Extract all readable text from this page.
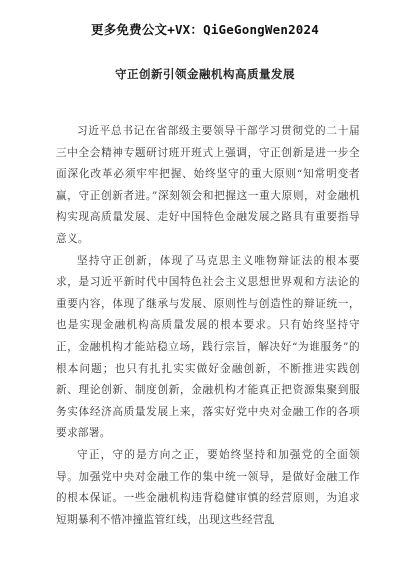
更多免费公文+VX：QiGeGongWen2024
守正创新引领金融机构高质量发展

习近平总书记在省部级主要领导干部学习贯彻党的二十届三中全会精神专题研讨班开班式上强调，守正创新是进一步全面深化改革必须牢牢把握、始终坚守的重大原则“知常明变者赢，守正创新者进。”深刻领会和把握这一重大原则，对金融机构实现高质量发展、走好中国特色金融发展之路具有重要指导意义。

坚持守正创新，体现了马克思主义唯物辩证法的根本要求，是习近平新时代中国特色社会主义思想世界观和方法论的重要内容，体现了继承与发展、原则性与创造性的辩证统一，也是实现金融机构高质量发展的根本要求。只有始终坚持守正，金融机构才能站稳立场，践行宗旨，解决好“为谁服务”的根本问题；也只有扎扎实实做好金融创新，不断推进实践创新、理论创新、制度创新，金融机构才能真正把资源集聚到服务实体经济高质量发展上来，落实好党中央对金融工作的各项要求部署。

守正，守的是方向之正，要始终坚持和加强党的全面领导。加强党中央对金融工作的集中统一领导，是做好金融工作的根本保证。一些金融机构违背稳健审慎的经营原则，为追求短期暴利不惜冲撞监管红线，出现这些经营乱
